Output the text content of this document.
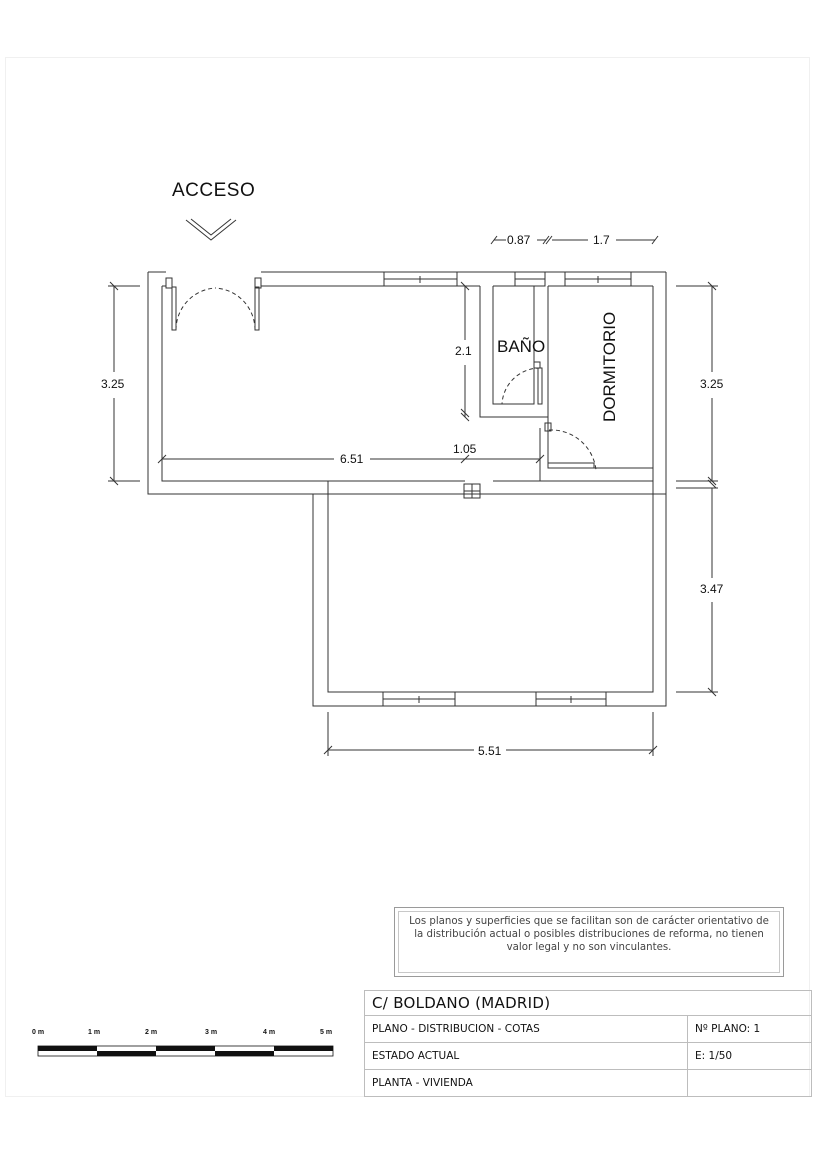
ACCESO
BAÑO	DORMITORIO
0.87	1.7
3.25	3.25
3.47
2.1
6.51
1.05
5.51
Los planos y superficies que se facilitan son de carácter orientativo de la distribución actual o posibles distribuciones de reforma, no tienen valor legal y no son vinculantes.
C/ BOLDANO (MADRID)	
PLANO - DISTRIBUCION - COTAS	Nº PLANO: 1
ESTADO ACTUAL	E: 1/50
PLANTA - VIVIENDA	
0 m	1 m	2 m	3 m	4 m	5 m
